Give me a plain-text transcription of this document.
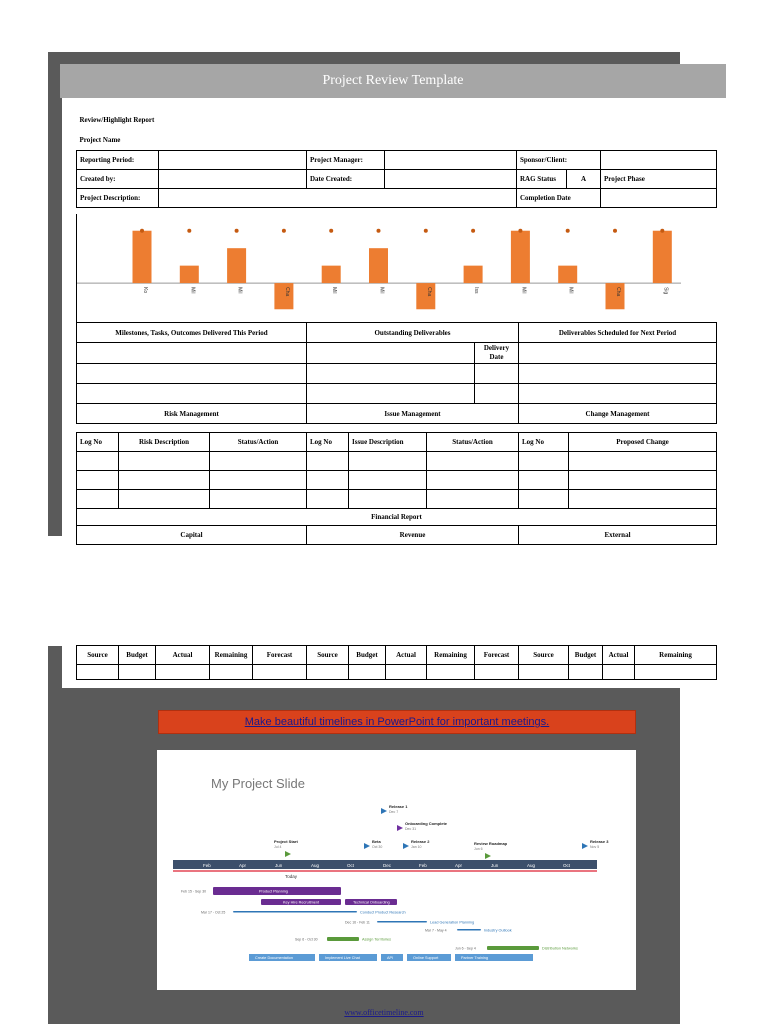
Project Review Template
Review/Highlight Report						
Project Name						
Reporting Period:		Project Manager:		Sponsor/Client:		
Created by:		Date Created:		RAG Status	A	Project Phase
Project Description:				Completion Date		
Ko	Mil	Mil	Cha	Mil	Mil	Cha	Iss	Mil	Mil	Cha	Sig
Milestones, Tasks, Outcomes Delivered This Period	Outstanding Deliverables		Deliverables Scheduled for Next Period
		Delivery Date	

Risk Management	Issue Management		Change Management
Log No	Risk Description	Status/Action	Log No	Issue Description	Status/Action	Log No	Proposed Change

Financial Report							
Capital			Revenue			External	
Source	Budget	Actual	Remaining	Forecast	Source	Budget	Actual	Remaining	Forecast	Source	Budget	Actual	Remaining

Make beautiful timelines in PowerPoint for important meetings.
My Project Slide
Feb	Apr	Jun	Aug	Oct	Dec	Feb	Apr	Jun	Aug	Oct
Today
Project Start
Jul 4
Beta
Oct 30
Release 1
Dec 7
Onboarding Complete
Dec 31
Release 2
Jan 10
Review Roadmap
Jun 6
Release 3
Nov 5
Product Planning
Feb 15 - Sep 30
Key Hire Recruitment	Technical Onboarding
Conduct Product Research
Mar 17 - Oct 25
Lead Generation Planning
Dec 16 - Feb 11
Industry Outlook
Mar 7 - May 4
Assign Territories
Sep 6 - Oct 30
Distribution Networks
Jun 6 - Sep 4
Create Documentation	Implement Live Chat	API	Online Support	Partner Training
www.officetimeline.com
